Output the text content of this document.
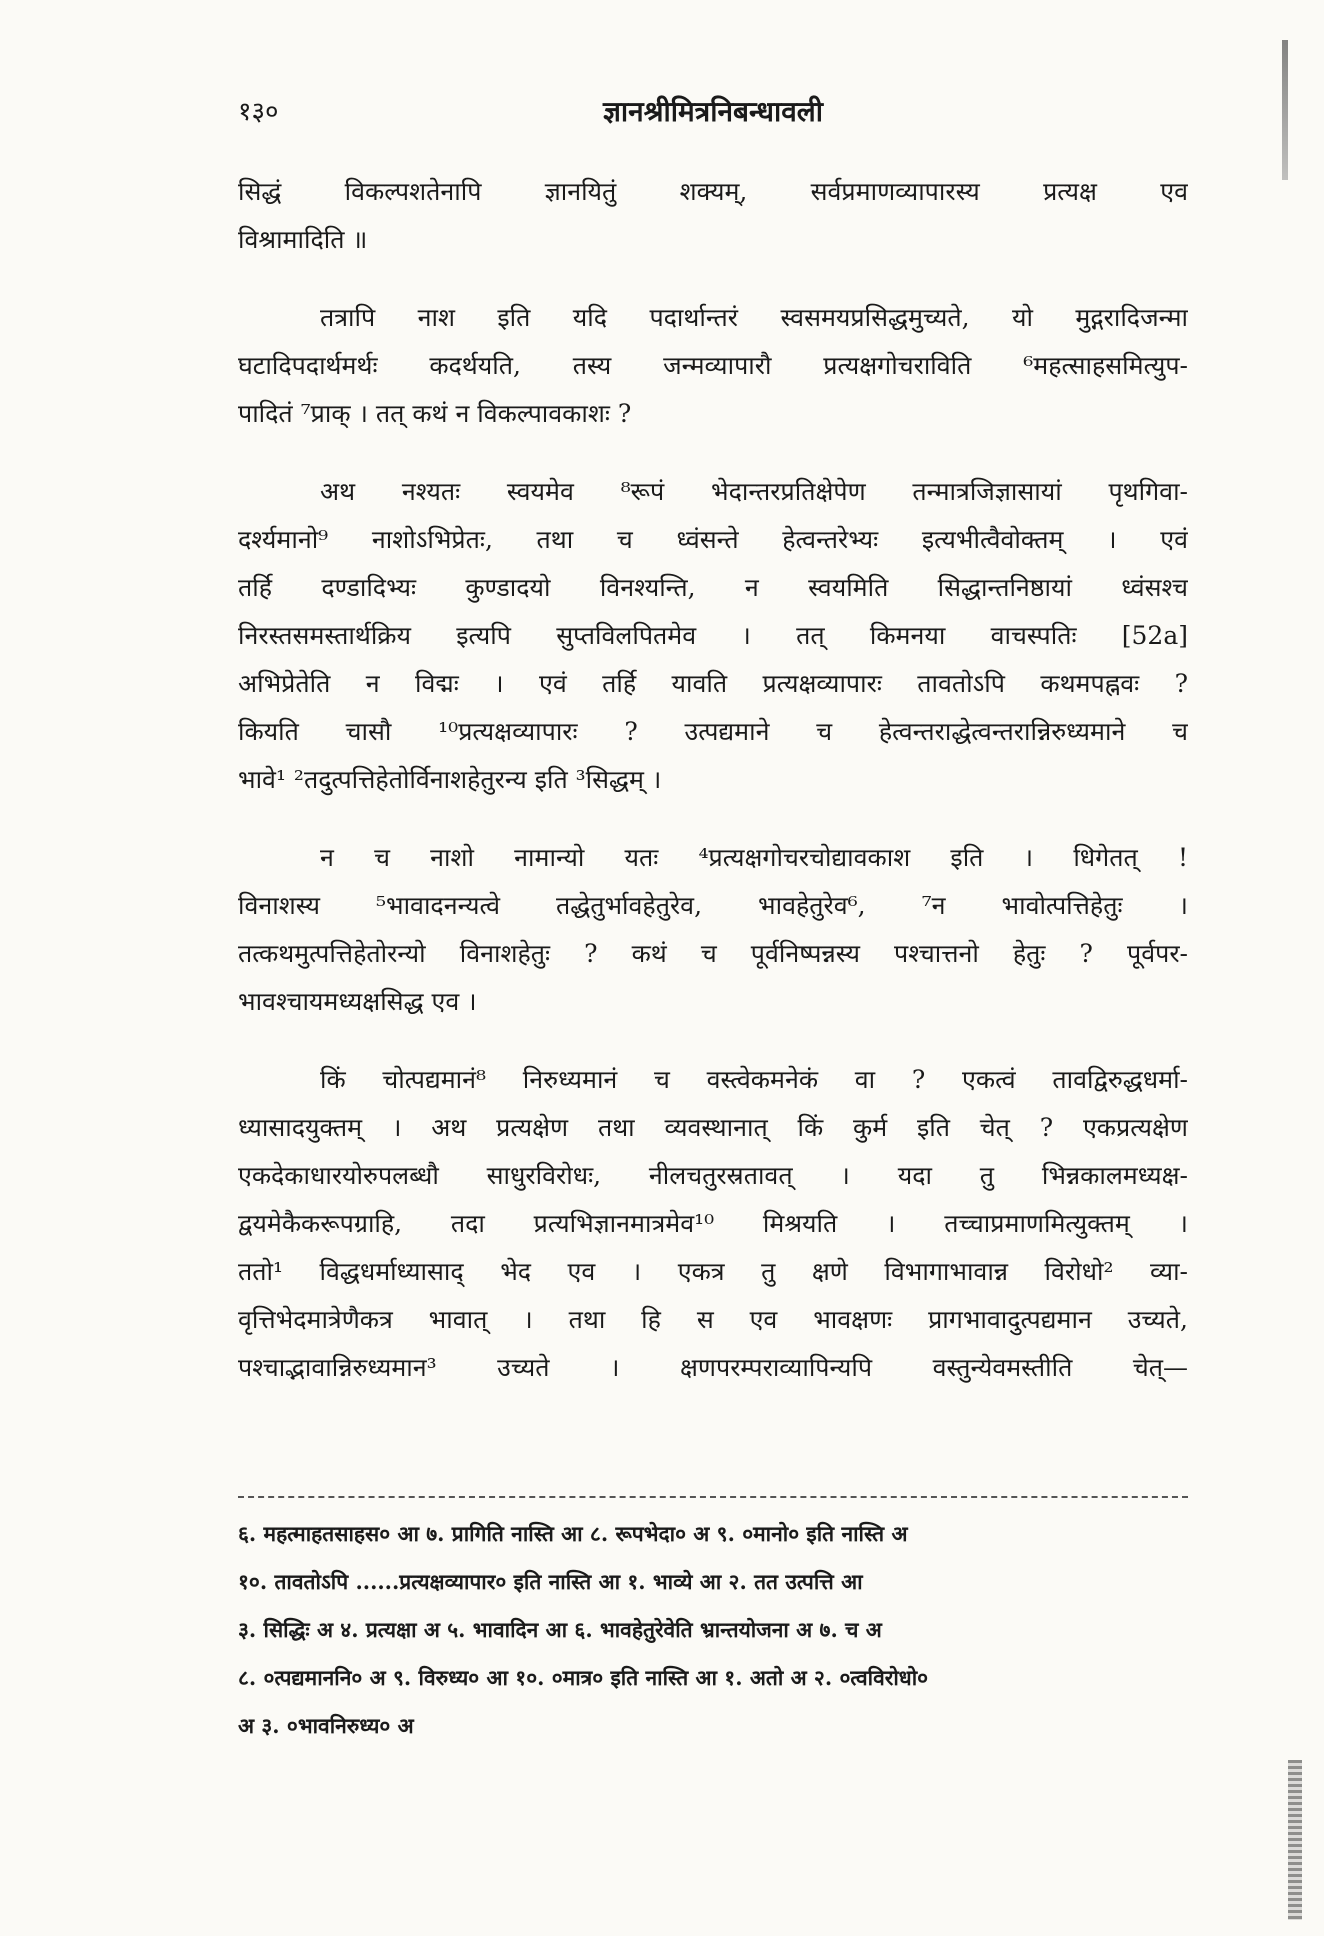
१३०	ज्ञानश्रीमित्रनिबन्धावली

सिद्धं विकल्पशतेनापि ज्ञानयितुं शक्यम्, सर्वप्रमाणव्यापारस्य प्रत्यक्ष एव
विश्रामादिति ॥

तत्रापि नाश इति यदि पदार्थान्तरं स्वसमयप्रसिद्धमुच्यते, यो मुद्गरादिजन्मा
घटादिपदार्थमर्थः कदर्थयति, तस्य जन्मव्यापारौ प्रत्यक्षगोचराविति ⁶महत्साहसमित्युप-
पादितं ⁷प्राक् । तत् कथं न विकल्पावकाशः ?

अथ नश्यतः स्वयमेव ⁸रूपं भेदान्तरप्रतिक्षेपेण तन्मात्रजिज्ञासायां पृथगिवा-
दर्श्यमानो⁹ नाशोऽभिप्रेतः, तथा च ध्वंसन्ते हेत्वन्तरेभ्यः इत्यभीत्वैवोक्तम् । एवं
तर्हि दण्डादिभ्यः कुण्डादयो विनश्यन्ति, न स्वयमिति सिद्धान्तनिष्ठायां ध्वंसश्च
निरस्तसमस्तार्थक्रिय इत्यपि सुप्तविलपितमेव । तत् किमनया वाचस्पतिः [52a]
अभिप्रेतेति न विद्मः । एवं तर्हि यावति प्रत्यक्षव्यापारः तावतोऽपि कथमपह्नवः ?
कियति चासौ ¹⁰प्रत्यक्षव्यापारः ? उत्पद्यमाने च हेत्वन्तराद्धेत्वन्तरान्निरुध्यमाने च
भावे¹ ²तदुत्पत्तिहेतोर्विनाशहेतुरन्य इति ³सिद्धम् ।

न च नाशो नामान्यो यतः ⁴प्रत्यक्षगोचरचोद्यावकाश इति । धिगेतत् !
विनाशस्य ⁵भावादनन्यत्वे तद्धेतुर्भावहेतुरेव, भावहेतुरेव⁶, ⁷न भावोत्पत्तिहेतुः ।
तत्कथमुत्पत्तिहेतोरन्यो विनाशहेतुः ? कथं च पूर्वनिष्पन्नस्य पश्चात्तनो हेतुः ? पूर्वपर-
भावश्चायमध्यक्षसिद्ध एव ।

किं चोत्पद्यमानं⁸ निरुध्यमानं च वस्त्वेकमनेकं वा ? एकत्वं तावद्विरुद्धधर्मा-
ध्यासादयुक्तम् । अथ प्रत्यक्षेण तथा व्यवस्थानात् किं कुर्म इति चेत् ? एकप्रत्यक्षेण
एकदेकाधारयोरुपलब्धौ साधुरविरोधः, नीलचतुरस्रतावत् । यदा तु भिन्नकालमध्यक्ष-
द्वयमेकैकरूपग्राहि, तदा प्रत्यभिज्ञानमात्रमेव¹⁰ मिश्रयति । तच्चाप्रमाणमित्युक्तम् ।
ततो¹ विद्धधर्माध्यासाद् भेद एव । एकत्र तु क्षणे विभागाभावान्न विरोधो² व्या-
वृत्तिभेदमात्रेणैकत्र भावात् । तथा हि स एव भावक्षणः प्रागभावादुत्पद्यमान उच्यते,
पश्चाद्भावान्निरुध्यमान³ उच्यते । क्षणपरम्पराव्यापिन्यपि वस्तुन्येवमस्तीति चेत्—

६. महत्माहतसाहस० आ ७. प्रागिति नास्ति आ ८. रूपभेदा० अ ९. ०मानो० इति नास्ति अ
१०. तावतोऽपि ......प्रत्यक्षव्यापार० इति नास्ति आ १. भाव्ये आ २. तत उत्पत्ति आ
३. सिद्धिः अ ४. प्रत्यक्षा अ ५. भावादिन आ ६. भावहेतुरेवेति भ्रान्तयोजना अ ७. च अ
८. ०त्पद्यमाननि० अ ९. विरुध्य० आ १०. ०मात्र० इति नास्ति आ १. अतो अ २. ०त्वविरोधो०
अ ३. ०भावनिरुध्य० अ
